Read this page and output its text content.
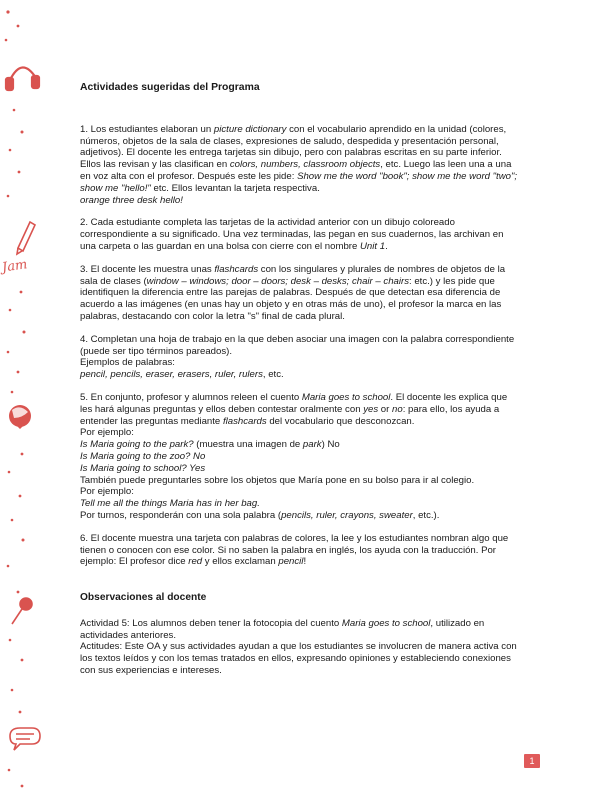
Jam
Actividades sugeridas del Programa

1. Los estudiantes elaboran un picture dictionary con el vocabulario aprendido en la unidad (colores, números, objetos de la sala de clases, expresiones de saludo, despedida y presentación personal, adjetivos). El docente les entrega tarjetas sin dibujo, pero con palabras escritas en su parte inferior. Ellos las revisan y las clasifican en colors, numbers, classroom objects, etc. Luego las leen una a una en voz alta con el profesor. Después este les pide: Show me the word "book"; show me the word "two"; show me "hello!" etc. Ellos levantan la tarjeta respectiva.
orange three desk hello!

2. Cada estudiante completa las tarjetas de la actividad anterior con un dibujo coloreado correspondiente a su significado. Una vez terminadas, las pegan en sus cuadernos, las archivan en una carpeta o las guardan en una bolsa con cierre con el nombre Unit 1.

3. El docente les muestra unas flashcards con los singulares y plurales de nombres de objetos de la sala de clases (window – windows; door – doors; desk – desks; chair – chairs: etc.) y les pide que identifiquen la diferencia entre las parejas de palabras. Después de que detectan esa diferencia de acuerdo a las imágenes (en unas hay un objeto y en otras más de uno), el profesor la marca en las palabras, destacando con color la letra "s" final de cada plural.

4. Completan una hoja de trabajo en la que deben asociar una imagen con la palabra correspondiente (puede ser tipo términos pareados).
Ejemplos de palabras:
pencil, pencils, eraser, erasers, ruler, rulers, etc.

5. En conjunto, profesor y alumnos releen el cuento Maria goes to school. El docente les explica que les hará algunas preguntas y ellos deben contestar oralmente con yes or no: para ello, los ayuda a entender las preguntas mediante flashcards del vocabulario que desconozcan.
Por ejemplo:
Is Maria going to the park? (muestra una imagen de park) No
Is Maria going to the zoo? No
Is Maria going to school? Yes
También puede preguntarles sobre los objetos que María pone en su bolso para ir al colegio.
Por ejemplo:
Tell me all the things Maria has in her bag.
Por turnos, responderán con una sola palabra (pencils, ruler, crayons, sweater, etc.).

6. El docente muestra una tarjeta con palabras de colores, la lee y los estudiantes nombran algo que tienen o conocen con ese color. Si no saben la palabra en inglés, los ayuda con la traducción. Por ejemplo: El profesor dice red y ellos exclaman pencil!

Observaciones al docente

Actividad 5: Los alumnos deben tener la fotocopia del cuento Maria goes to school, utilizado en actividades anteriores.

Actitudes: Este OA y sus actividades ayudan a que los estudiantes se involucren de manera activa con los textos leídos y con los temas tratados en ellos, expresando opiniones y estableciendo conexiones con sus experiencias e intereses.

1
